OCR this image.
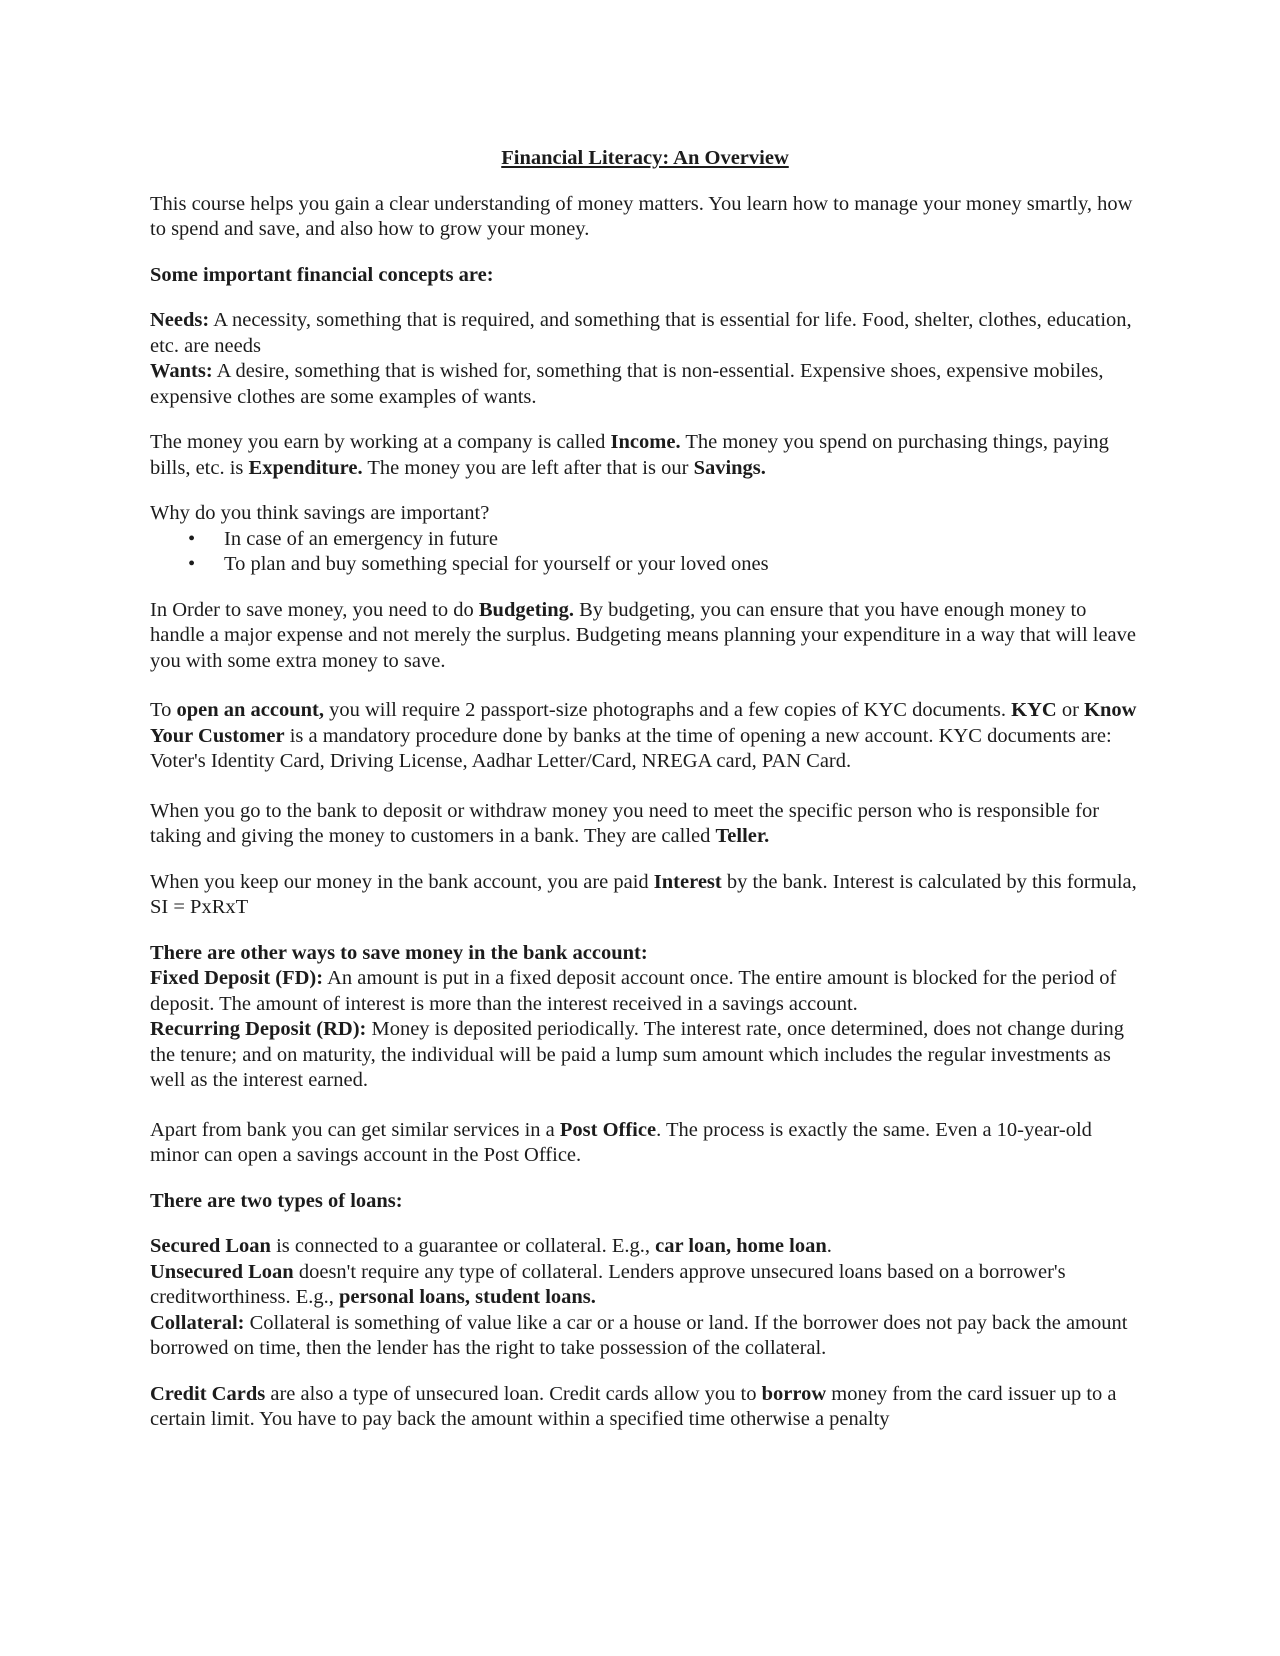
Financial Literacy: An Overview

This course helps you gain a clear understanding of money matters. You learn how to manage your money smartly, how to spend and save, and also how to grow your money.

Some important financial concepts are:

Needs: A necessity, something that is required, and something that is essential for life. Food, shelter, clothes, education, etc. are needs
Wants: A desire, something that is wished for, something that is non-essential. Expensive shoes, expensive mobiles, expensive clothes are some examples of wants.

The money you earn by working at a company is called Income. The money you spend on purchasing things, paying bills, etc. is Expenditure. The money you are left after that is our Savings.

Why do you think savings are important?

• In case of an emergency in future
• To plan and buy something special for yourself or your loved ones

In Order to save money, you need to do Budgeting. By budgeting, you can ensure that you have enough money to handle a major expense and not merely the surplus. Budgeting means planning your expenditure in a way that will leave you with some extra money to save.

To open an account, you will require 2 passport-size photographs and a few copies of KYC documents. KYC or Know Your Customer is a mandatory procedure done by banks at the time of opening a new account. KYC documents are: Voter's Identity Card, Driving License, Aadhar Letter/Card, NREGA card, PAN Card.

When you go to the bank to deposit or withdraw money you need to meet the specific person who is responsible for taking and giving the money to customers in a bank. They are called Teller.

When you keep our money in the bank account, you are paid Interest by the bank. Interest is calculated by this formula, SI = PxRxT

There are other ways to save money in the bank account:
Fixed Deposit (FD): An amount is put in a fixed deposit account once. The entire amount is blocked for the period of deposit. The amount of interest is more than the interest received in a savings account.
Recurring Deposit (RD): Money is deposited periodically. The interest rate, once determined, does not change during the tenure; and on maturity, the individual will be paid a lump sum amount which includes the regular investments as well as the interest earned.

Apart from bank you can get similar services in a Post Office. The process is exactly the same. Even a 10-year-old minor can open a savings account in the Post Office.

There are two types of loans:

Secured Loan is connected to a guarantee or collateral. E.g., car loan, home loan.
Unsecured Loan doesn't require any type of collateral. Lenders approve unsecured loans based on a borrower's creditworthiness. E.g., personal loans, student loans.
Collateral: Collateral is something of value like a car or a house or land. If the borrower does not pay back the amount borrowed on time, then the lender has the right to take possession of the collateral.

Credit Cards are also a type of unsecured loan. Credit cards allow you to borrow money from the card issuer up to a certain limit. You have to pay back the amount within a specified time otherwise a penalty
